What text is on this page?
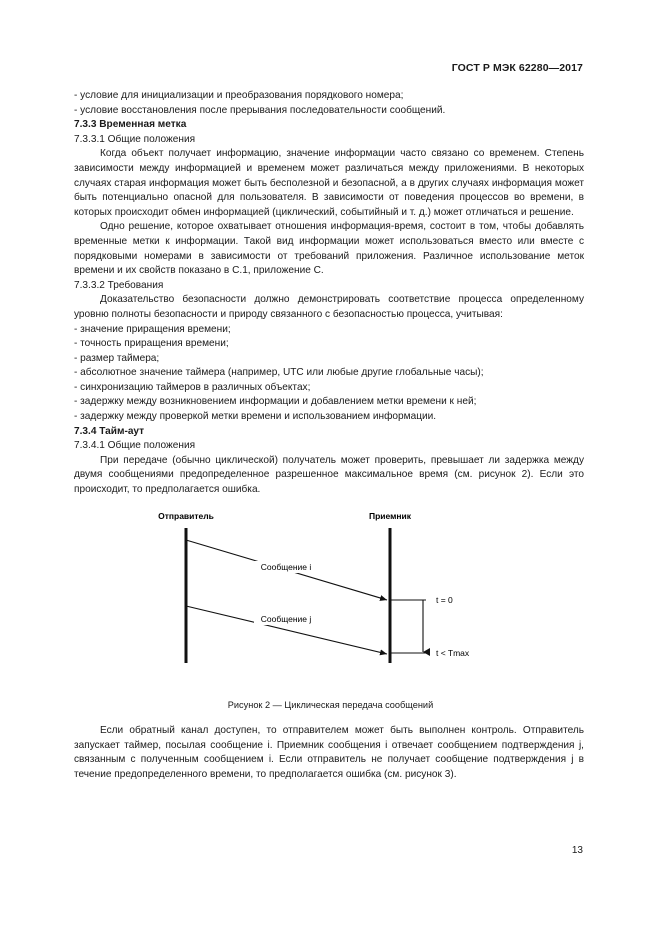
ГОСТ Р МЭК 62280—2017
- условие для инициализации и преобразования порядкового номера;
- условие восстановления после прерывания последовательности сообщений.
7.3.3 Временная метка
7.3.3.1 Общие положения
Когда объект получает информацию, значение информации часто связано со временем. Степень зависимости между информацией и временем может различаться между приложениями. В некоторых случаях старая информация может быть бесполезной и безопасной, а в других случаях информация может быть потенциально опасной для пользователя. В зависимости от поведения процессов во времени, в которых происходит обмен информацией (циклический, событийный и т. д.) может отличаться и решение.
Одно решение, которое охватывает отношения информация-время, состоит в том, чтобы добавлять временные метки к информации. Такой вид информации может использоваться вместо или вместе с порядковыми номерами в зависимости от требований приложения. Различное использование меток времени и их свойств показано в С.1, приложение С.
7.3.3.2 Требования
Доказательство безопасности должно демонстрировать соответствие процесса определенному уровню полноты безопасности и природу связанного с безопасностью процесса, учитывая:
- значение приращения времени;
- точность приращения времени;
- размер таймера;
- абсолютное значение таймера (например, UTC или любые другие глобальные часы);
- синхронизацию таймеров в различных объектах;
- задержку между возникновением информации и добавлением метки времени к ней;
- задержку между проверкой метки времени и использованием информации.
7.3.4 Тайм-аут
7.3.4.1 Общие положения
При передаче (обычно циклической) получатель может проверить, превышает ли задержка между двумя сообщениями предопределенное разрешенное максимальное время (см. рисунок 2). Если это происходит, то предполагается ошибка.
Отправитель	Приемник
Сообщение i
Сообщение j
t = 0
t < Tmax
Рисунок 2 — Циклическая передача сообщений
Если обратный канал доступен, то отправителем может быть выполнен контроль. Отправитель запускает таймер, посылая сообщение i. Приемник сообщения i отвечает сообщением подтверждения j, связанным с полученным сообщением i. Если отправитель не получает сообщение подтверждения j в течение предопределенного времени, то предполагается ошибка (см. рисунок 3).
13
